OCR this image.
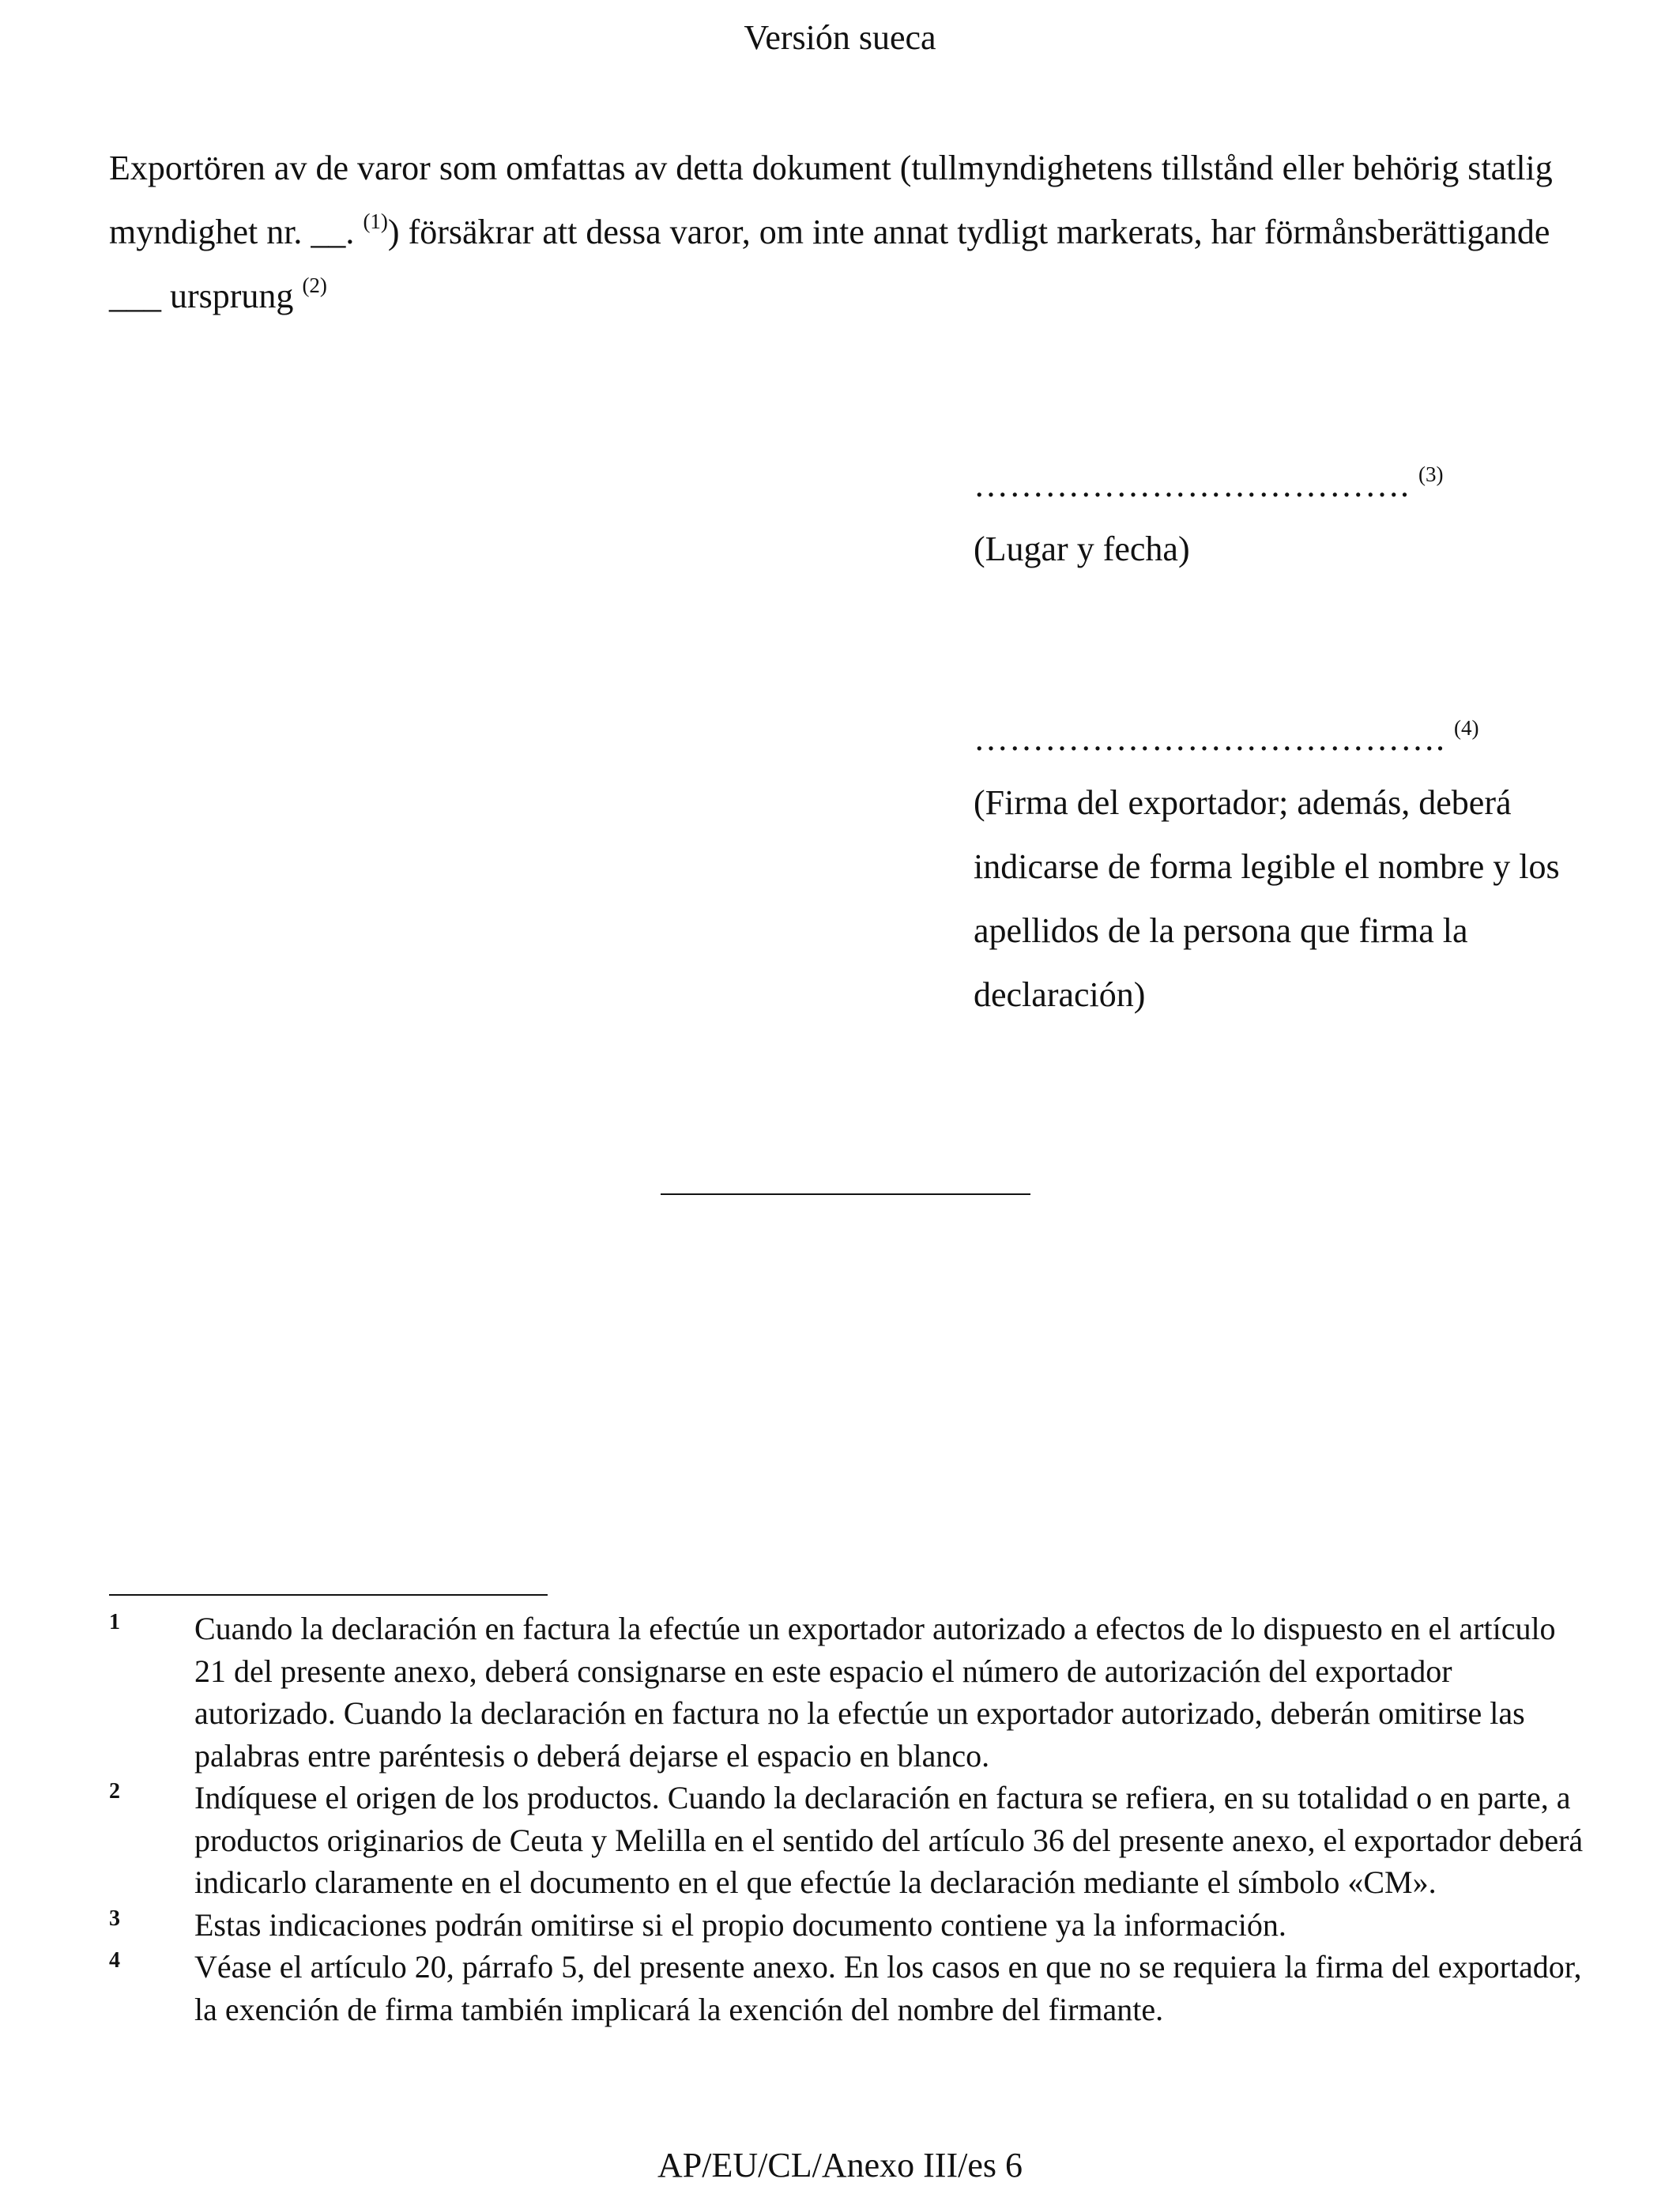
Versión sueca
Exportören av de varor som omfattas av detta dokument (tullmyndighetens tillstånd eller behörig statlig myndighet nr. __. $^{(1)}$) försäkrar att dessa varor, om inte annat tydligt markerats, har förmånsberättigande ___ ursprung $^{(2)}$
………………………………. $^{(3)}$
(Lugar y fecha)
…………………………………. $^{(4)}$
(Firma del exportador; además, deberá indicarse de forma legible el nombre y los apellidos de la persona que firma la declaración)
1 Cuando la declaración en factura la efectúe un exportador autorizado a efectos de lo dispuesto en el artículo 21 del presente anexo, deberá consignarse en este espacio el número de autorización del exportador autorizado. Cuando la declaración en factura no la efectúe un exportador autorizado, deberán omitirse las palabras entre paréntesis o deberá dejarse el espacio en blanco.
2 Indíquese el origen de los productos. Cuando la declaración en factura se refiera, en su totalidad o en parte, a productos originarios de Ceuta y Melilla en el sentido del artículo 36 del presente anexo, el exportador deberá indicarlo claramente en el documento en el que efectúe la declaración mediante el símbolo «CM».
3 Estas indicaciones podrán omitirse si el propio documento contiene ya la información.
4 Véase el artículo 20, párrafo 5, del presente anexo. En los casos en que no se requiera la firma del exportador, la exención de firma también implicará la exención del nombre del firmante.
AP/EU/CL/Anexo III/es 6
